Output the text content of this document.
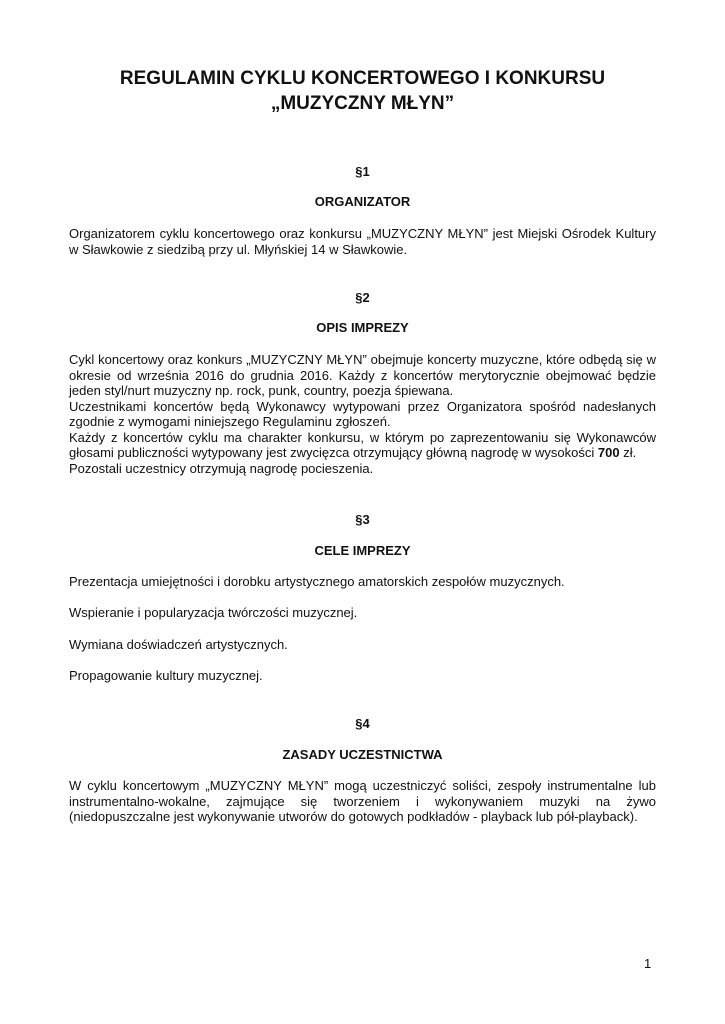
REGULAMIN CYKLU KONCERTOWEGO I KONKURSU
„MUZYCZNY MŁYN”
§1
ORGANIZATOR

Organizatorem cyklu koncertowego oraz konkursu „MUZYCZNY MŁYN” jest Miejski Ośrodek Kultury w Sławkowie z siedzibą przy ul. Młyńskiej 14 w Sławkowie.

§2
OPIS IMPREZY
Cykl koncertowy oraz konkurs „MUZYCZNY MŁYN” obejmuje koncerty muzyczne, które odbędą się w okresie od września 2016 do grudnia 2016. Każdy z koncertów merytorycznie obejmować będzie jeden styl/nurt muzyczny np. rock, punk, country, poezja śpiewana.
Uczestnikami koncertów będą Wykonawcy wytypowani przez Organizatora spośród nadesłanych zgodnie z wymogami niniejszego Regulaminu zgłoszeń.
Każdy z koncertów cyklu ma charakter konkursu, w którym po zaprezentowaniu się Wykonawców głosami publiczności wytypowany jest zwycięzca otrzymujący główną nagrodę w wysokości 700 zł.
Pozostali uczestnicy otrzymują nagrodę pocieszenia.
§3
CELE IMPREZY

Prezentacja umiejętności i dorobku artystycznego amatorskich zespołów muzycznych.

Wspieranie i popularyzacja twórczości muzycznej.

Wymiana doświadczeń artystycznych.

Propagowanie kultury muzycznej.

§4
ZASADY UCZESTNICTWA

W cyklu koncertowym „MUZYCZNY MŁYN” mogą uczestniczyć soliści, zespoły instrumentalne lub instrumentalno-wokalne, zajmujące się tworzeniem i wykonywaniem muzyki na żywo (niedopuszczalne jest wykonywanie utworów do gotowych podkładów - playback lub pół-playback).

1
